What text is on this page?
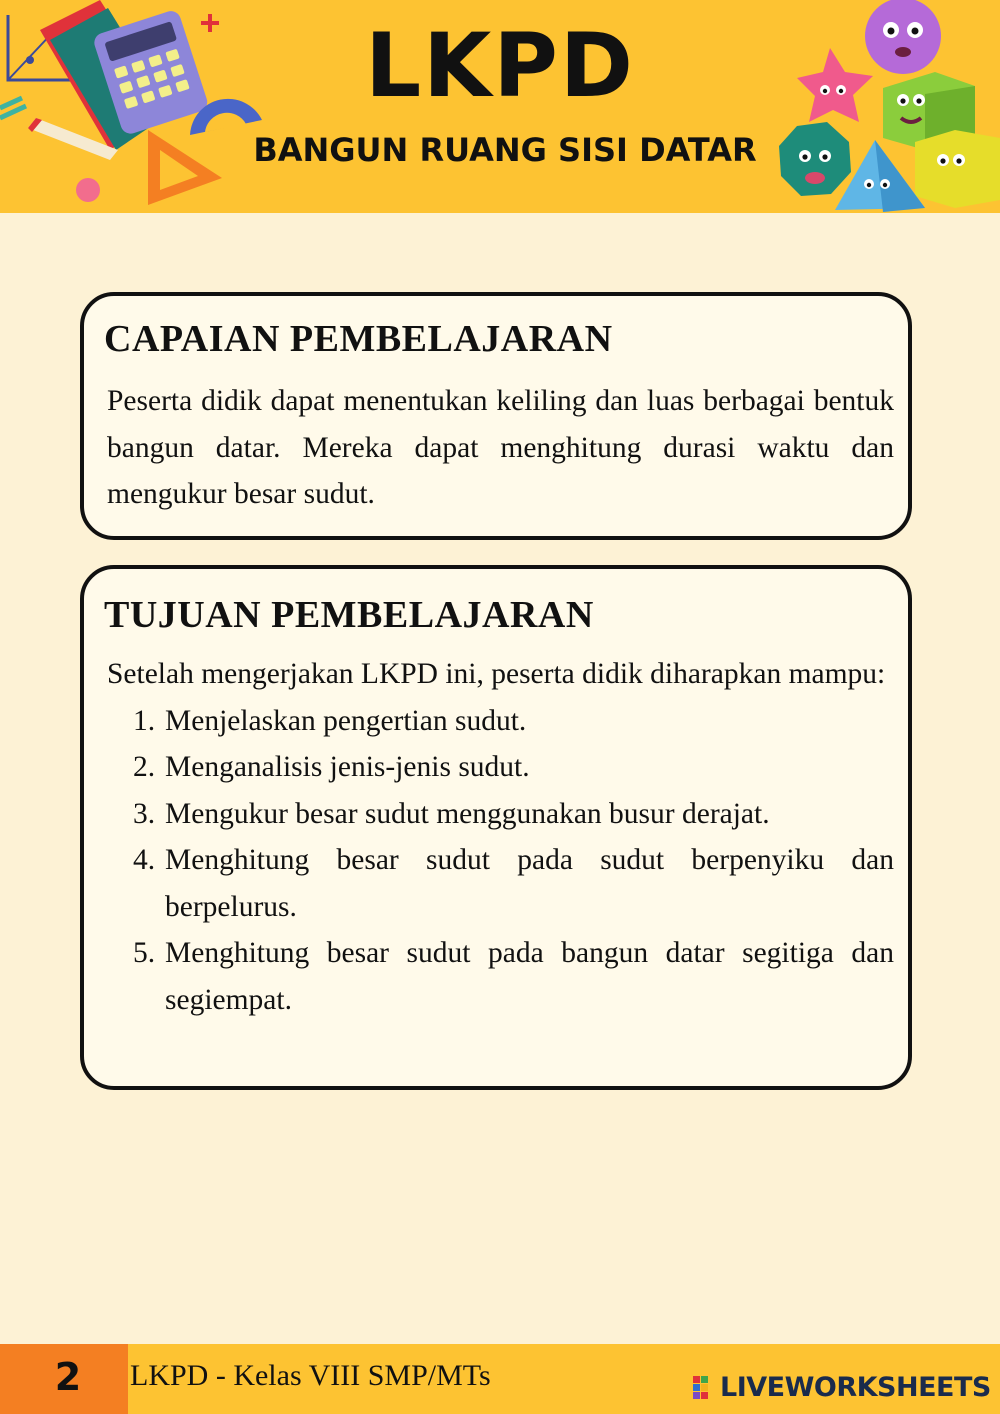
LKPD
BANGUN RUANG SISI DATAR
CAPAIAN PEMBELAJARAN

Peserta didik dapat menentukan keliling dan luas berbagai bentuk bangun datar. Mereka dapat menghitung durasi waktu dan mengukur besar sudut.

TUJUAN PEMBELAJARAN

Setelah mengerjakan LKPD ini, peserta didik diharapkan mampu:

1. Menjelaskan pengertian sudut.
2. Menganalisis jenis-jenis sudut.
3. Mengukur besar sudut menggunakan busur derajat.
4. Menghitung besar sudut pada sudut berpenyiku dan berpelurus.
5. Menghitung besar sudut pada bangun datar segitiga dan segiempat.
2	LKPD - Kelas VIII SMP/MTs	LIVEWORKSHEETS
